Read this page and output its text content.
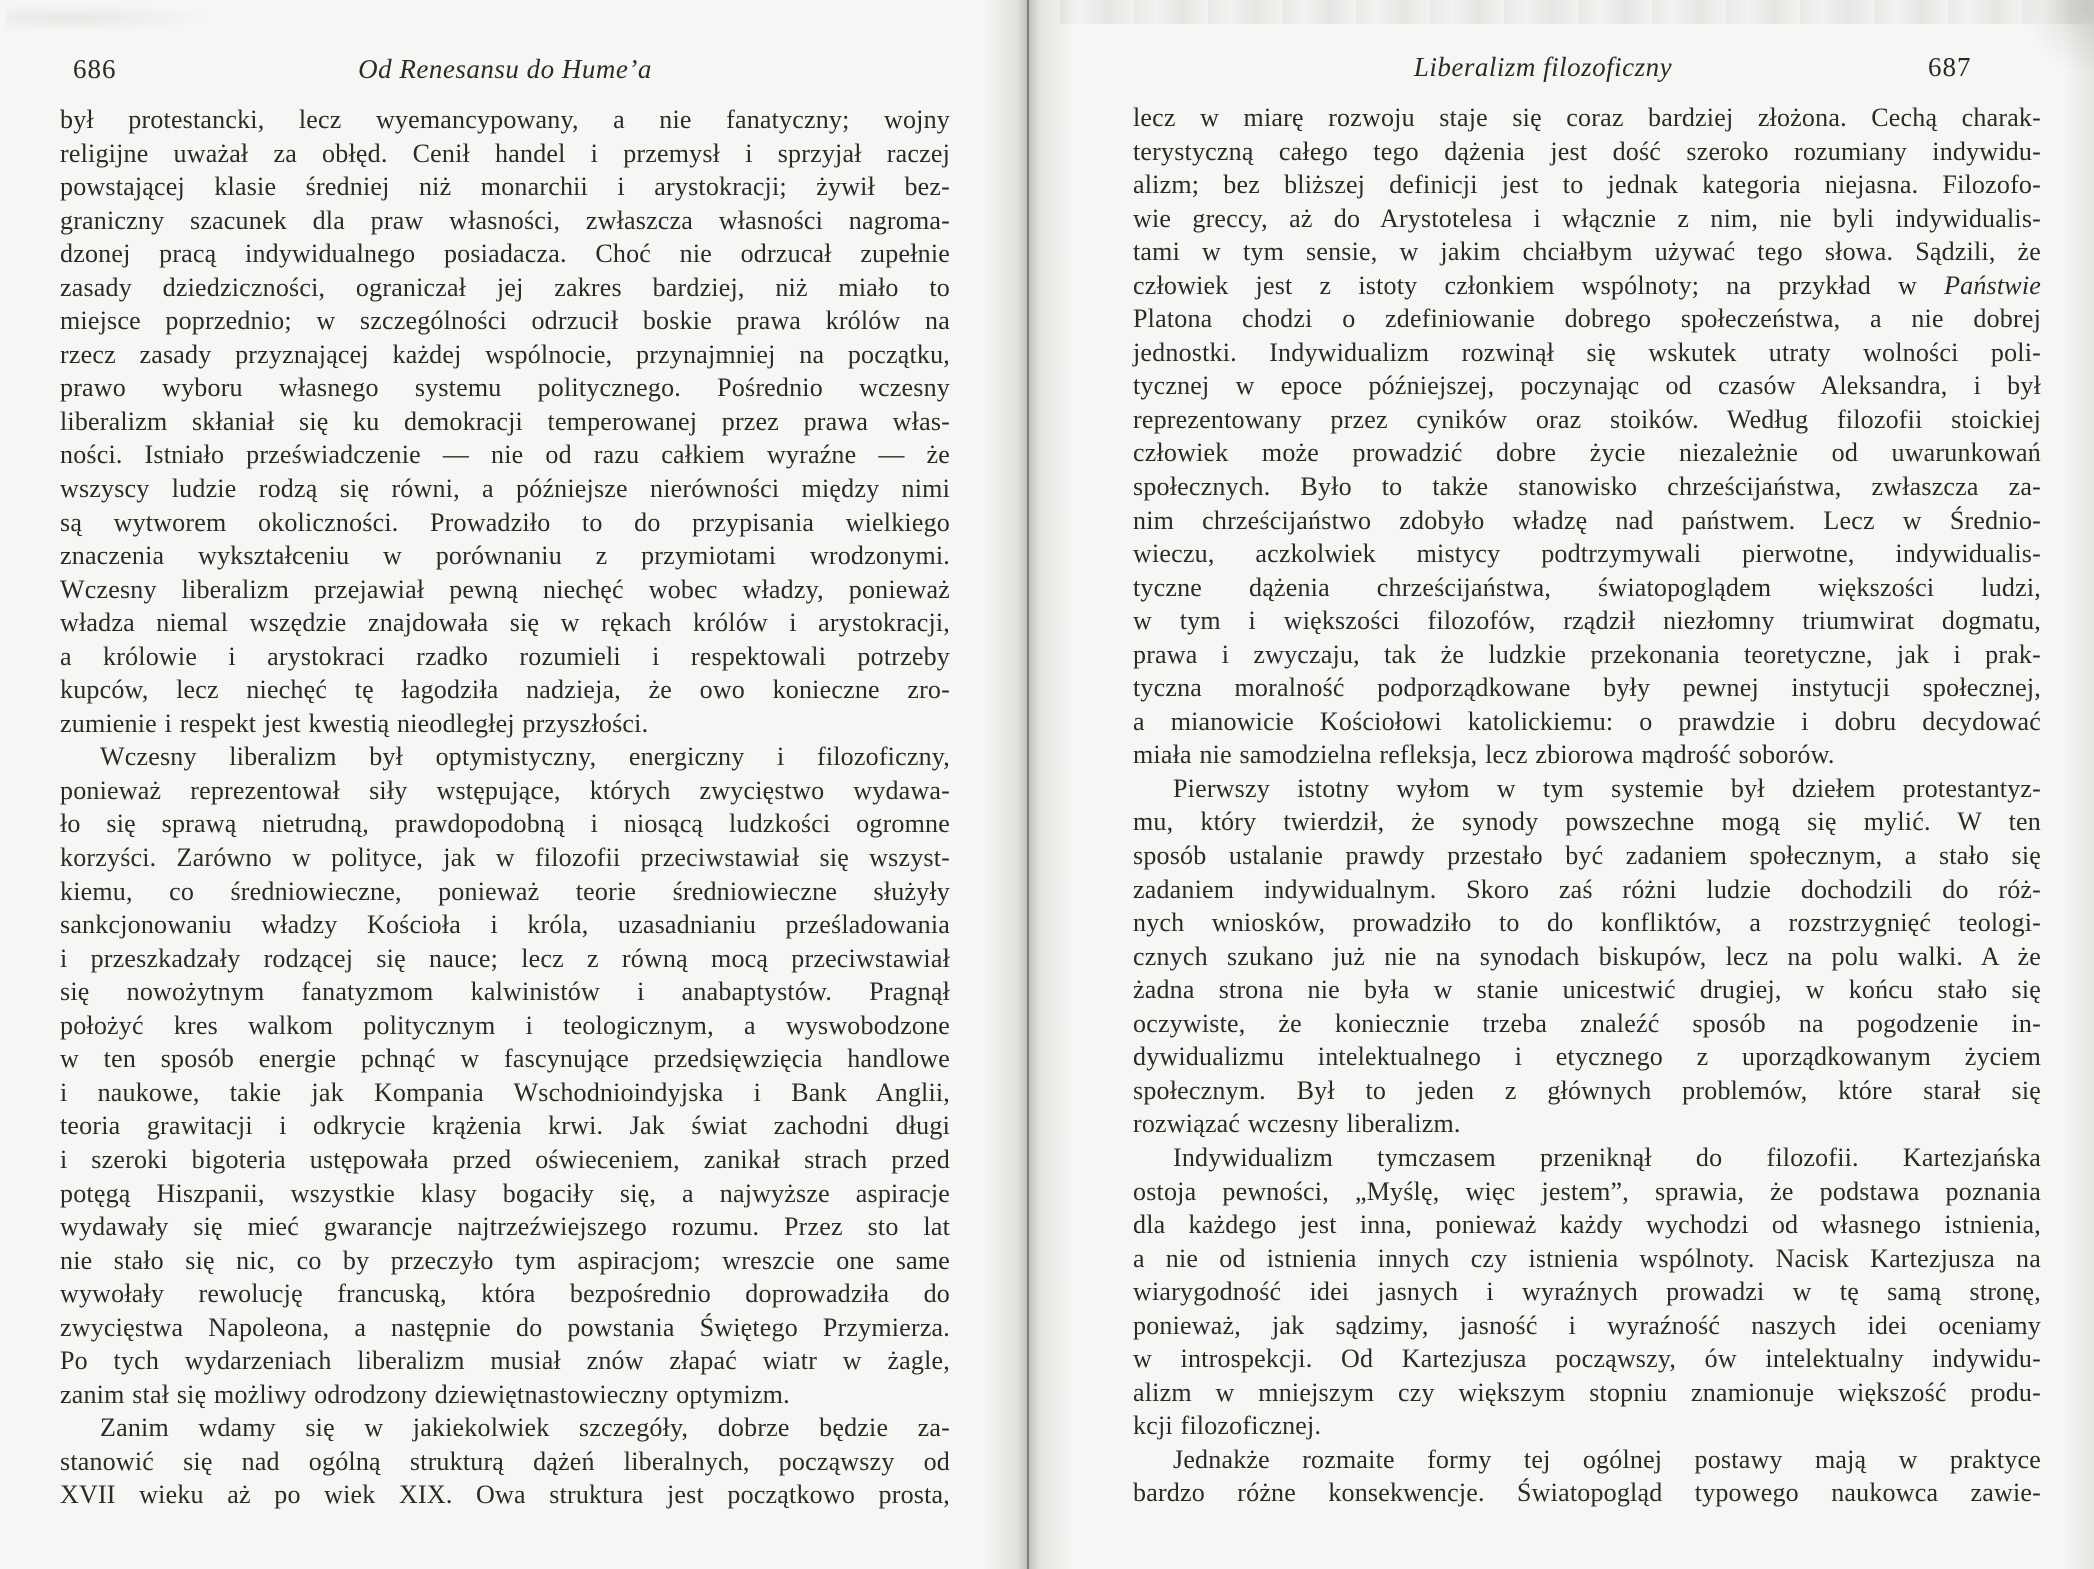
686	Od Renesansu do Hume’a
był protestancki, lecz wyemancypowany, a nie fanatyczny; wojny
religijne uważał za obłęd. Cenił handel i przemysł i sprzyjał raczej
powstającej klasie średniej niż monarchii i arystokracji; żywił bez-
graniczny szacunek dla praw własności, zwłaszcza własności nagroma-
dzonej pracą indywidualnego posiadacza. Choć nie odrzucał zupełnie
zasady dziedziczności, ograniczał jej zakres bardziej, niż miało to
miejsce poprzednio; w szczególności odrzucił boskie prawa królów na
rzecz zasady przyznającej każdej wspólnocie, przynajmniej na początku,
prawo wyboru własnego systemu politycznego. Pośrednio wczesny
liberalizm skłaniał się ku demokracji temperowanej przez prawa włas-
ności. Istniało przeświadczenie — nie od razu całkiem wyraźne — że
wszyscy ludzie rodzą się równi, a późniejsze nierówności między nimi
są wytworem okoliczności. Prowadziło to do przypisania wielkiego
znaczenia wykształceniu w porównaniu z przymiotami wrodzonymi.
Wczesny liberalizm przejawiał pewną niechęć wobec władzy, ponieważ
władza niemal wszędzie znajdowała się w rękach królów i arystokracji,
a królowie i arystokraci rzadko rozumieli i respektowali potrzeby
kupców, lecz niechęć tę łagodziła nadzieja, że owo konieczne zro-
zumienie i respekt jest kwestią nieodległej przyszłości.
Wczesny liberalizm był optymistyczny, energiczny i filozoficzny,
ponieważ reprezentował siły wstępujące, których zwycięstwo wydawa-
ło się sprawą nietrudną, prawdopodobną i niosącą ludzkości ogromne
korzyści. Zarówno w polityce, jak w filozofii przeciwstawiał się wszyst-
kiemu, co średniowieczne, ponieważ teorie średniowieczne służyły
sankcjonowaniu władzy Kościoła i króla, uzasadnianiu prześladowania
i przeszkadzały rodzącej się nauce; lecz z równą mocą przeciwstawiał
się nowożytnym fanatyzmom kalwinistów i anabaptystów. Pragnął
położyć kres walkom politycznym i teologicznym, a wyswobodzone
w ten sposób energie pchnąć w fascynujące przedsięwzięcia handlowe
i naukowe, takie jak Kompania Wschodnioindyjska i Bank Anglii,
teoria grawitacji i odkrycie krążenia krwi. Jak świat zachodni długi
i szeroki bigoteria ustępowała przed oświeceniem, zanikał strach przed
potęgą Hiszpanii, wszystkie klasy bogaciły się, a najwyższe aspiracje
wydawały się mieć gwarancje najtrzeźwiejszego rozumu. Przez sto lat
nie stało się nic, co by przeczyło tym aspiracjom; wreszcie one same
wywołały rewolucję francuską, która bezpośrednio doprowadziła do
zwycięstwa Napoleona, a następnie do powstania Świętego Przymierza.
Po tych wydarzeniach liberalizm musiał znów złapać wiatr w żagle,
zanim stał się możliwy odrodzony dziewiętnastowieczny optymizm.
Zanim wdamy się w jakiekolwiek szczegóły, dobrze będzie za-
stanowić się nad ogólną strukturą dążeń liberalnych, począwszy od
XVII wieku aż po wiek XIX. Owa struktura jest początkowo prosta,
Liberalizm filozoficzny	687
lecz w miarę rozwoju staje się coraz bardziej złożona. Cechą charak-
terystyczną całego tego dążenia jest dość szeroko rozumiany indywidu-
alizm; bez bliższej definicji jest to jednak kategoria niejasna. Filozofo-
wie greccy, aż do Arystotelesa i włącznie z nim, nie byli indywidualis-
tami w tym sensie, w jakim chciałbym używać tego słowa. Sądzili, że
człowiek jest z istoty członkiem wspólnoty; na przykład w Państwie
Platona chodzi o zdefiniowanie dobrego społeczeństwa, a nie dobrej
jednostki. Indywidualizm rozwinął się wskutek utraty wolności poli-
tycznej w epoce późniejszej, poczynając od czasów Aleksandra, i był
reprezentowany przez cyników oraz stoików. Według filozofii stoickiej
człowiek może prowadzić dobre życie niezależnie od uwarunkowań
społecznych. Było to także stanowisko chrześcijaństwa, zwłaszcza za-
nim chrześcijaństwo zdobyło władzę nad państwem. Lecz w Średnio-
wieczu, aczkolwiek mistycy podtrzymywali pierwotne, indywidualis-
tyczne dążenia chrześcijaństwa, światopoglądem większości ludzi,
w tym i większości filozofów, rządził niezłomny triumwirat dogmatu,
prawa i zwyczaju, tak że ludzkie przekonania teoretyczne, jak i prak-
tyczna moralność podporządkowane były pewnej instytucji społecznej,
a mianowicie Kościołowi katolickiemu: o prawdzie i dobru decydować
miała nie samodzielna refleksja, lecz zbiorowa mądrość soborów.
Pierwszy istotny wyłom w tym systemie był dziełem protestantyz-
mu, który twierdził, że synody powszechne mogą się mylić. W ten
sposób ustalanie prawdy przestało być zadaniem społecznym, a stało się
zadaniem indywidualnym. Skoro zaś różni ludzie dochodzili do róż-
nych wniosków, prowadziło to do konfliktów, a rozstrzygnięć teologi-
cznych szukano już nie na synodach biskupów, lecz na polu walki. A że
żadna strona nie była w stanie unicestwić drugiej, w końcu stało się
oczywiste, że koniecznie trzeba znaleźć sposób na pogodzenie in-
dywidualizmu intelektualnego i etycznego z uporządkowanym życiem
społecznym. Był to jeden z głównych problemów, które starał się
rozwiązać wczesny liberalizm.
Indywidualizm tymczasem przeniknął do filozofii. Kartezjańska
ostoja pewności, „Myślę, więc jestem”, sprawia, że podstawa poznania
dla każdego jest inna, ponieważ każdy wychodzi od własnego istnienia,
a nie od istnienia innych czy istnienia wspólnoty. Nacisk Kartezjusza na
wiarygodność idei jasnych i wyraźnych prowadzi w tę samą stronę,
ponieważ, jak sądzimy, jasność i wyraźność naszych idei oceniamy
w introspekcji. Od Kartezjusza począwszy, ów intelektualny indywidu-
alizm w mniejszym czy większym stopniu znamionuje większość produ-
kcji filozoficznej.
Jednakże rozmaite formy tej ogólnej postawy mają w praktyce
bardzo różne konsekwencje. Światopogląd typowego naukowca zawie-
